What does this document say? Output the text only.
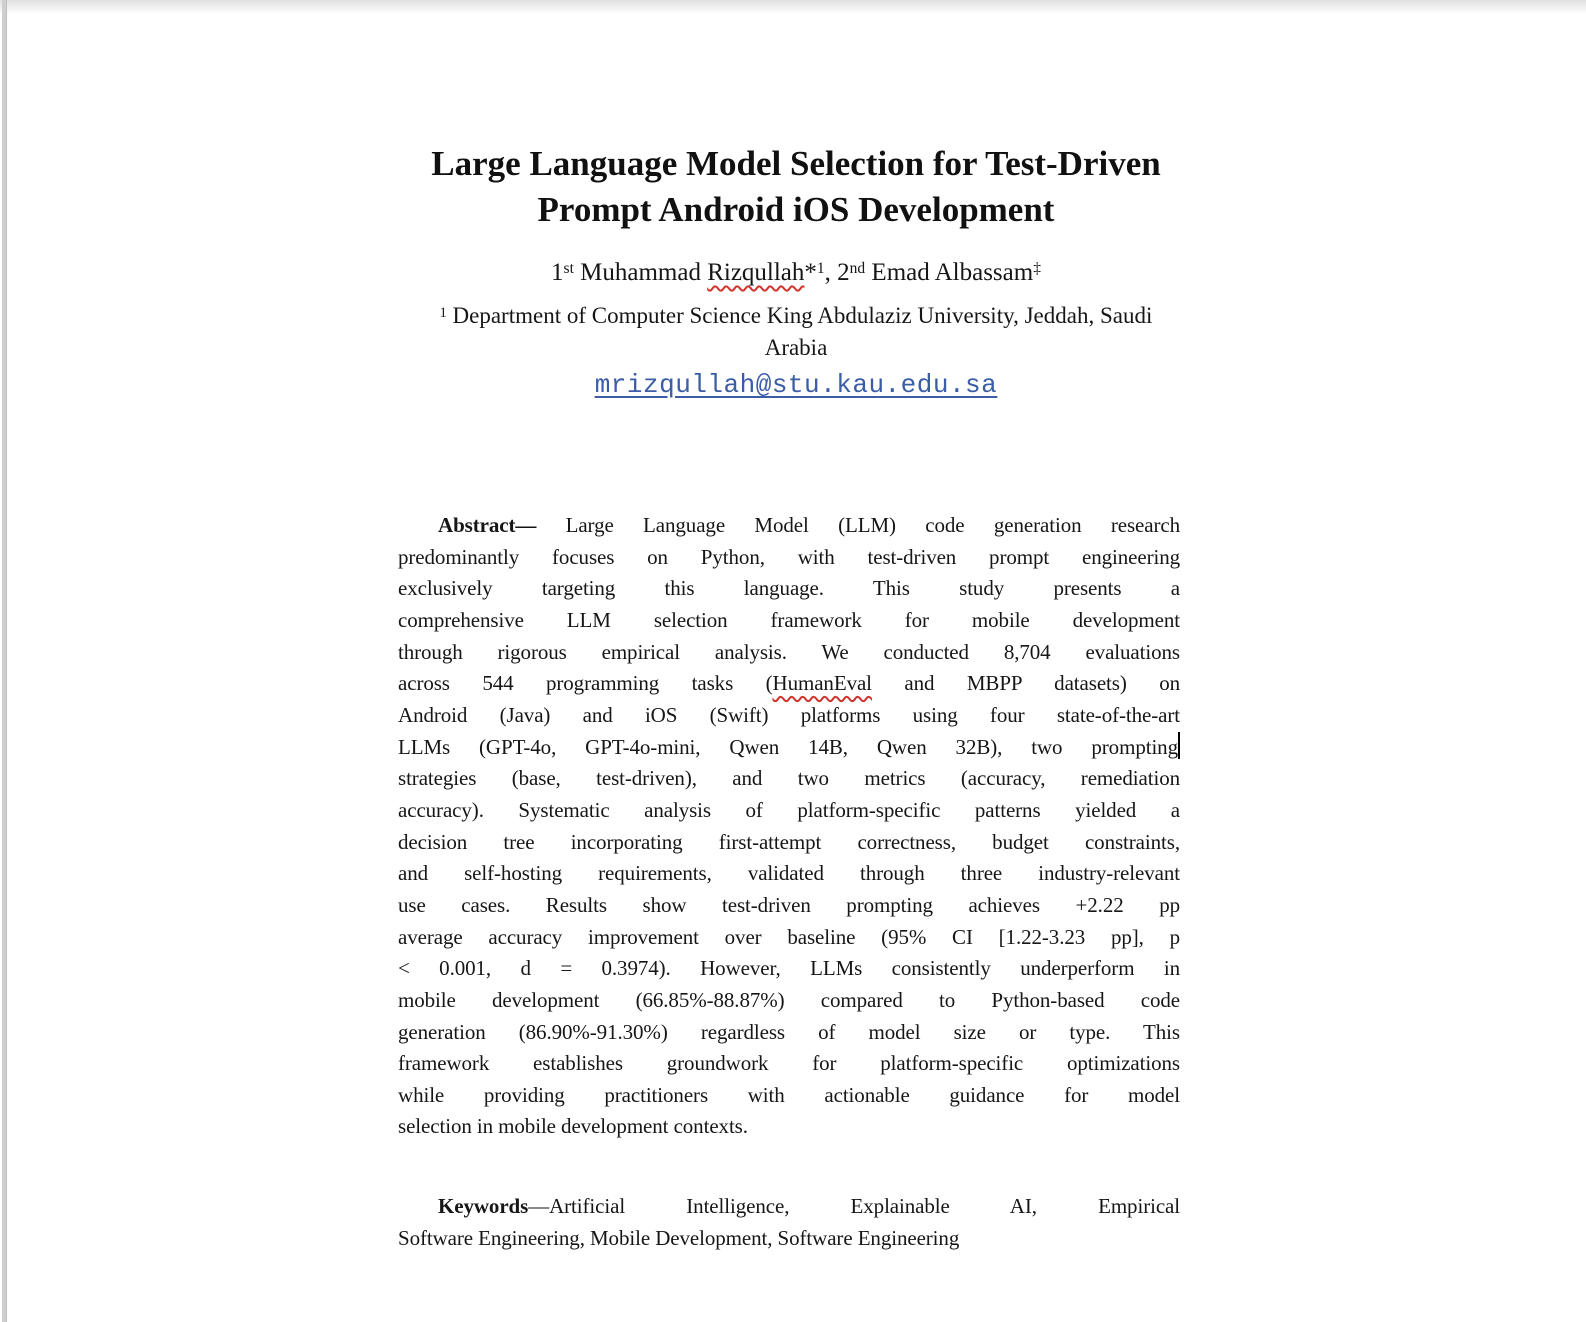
Large Language Model Selection for Test-Driven
Prompt Android iOS Development
1st Muhammad Rizqullah*$^1$, 2nd Emad Albassam‡
$^1$ Department of Computer Science King Abdulaziz University, Jeddah, Saudi
Arabia
mrizqullah@stu.kau.edu.sa
Abstract— Large Language Model (LLM) code generation research
predominantly focuses on Python, with test-driven prompt engineering
exclusively targeting this language. This study presents a
comprehensive LLM selection framework for mobile development
through rigorous empirical analysis. We conducted 8,704 evaluations
across 544 programming tasks (HumanEval and MBPP datasets) on
Android (Java) and iOS (Swift) platforms using four state-of-the-art
LLMs (GPT-4o, GPT-4o-mini, Qwen 14B, Qwen 32B), two prompting
strategies (base, test-driven), and two metrics (accuracy, remediation
accuracy). Systematic analysis of platform-specific patterns yielded a
decision tree incorporating first-attempt correctness, budget constraints,
and self-hosting requirements, validated through three industry-relevant
use cases. Results show test-driven prompting achieves +2.22 pp
average accuracy improvement over baseline (95% CI [1.22-3.23 pp], p
< 0.001, d = 0.3974). However, LLMs consistently underperform in
mobile development (66.85%-88.87%) compared to Python-based code
generation (86.90%-91.30%) regardless of model size or type. This
framework establishes groundwork for platform-specific optimizations
while providing practitioners with actionable guidance for model
selection in mobile development contexts.
Keywords—Artificial Intelligence, Explainable AI, Empirical
Software Engineering, Mobile Development, Software Engineering
